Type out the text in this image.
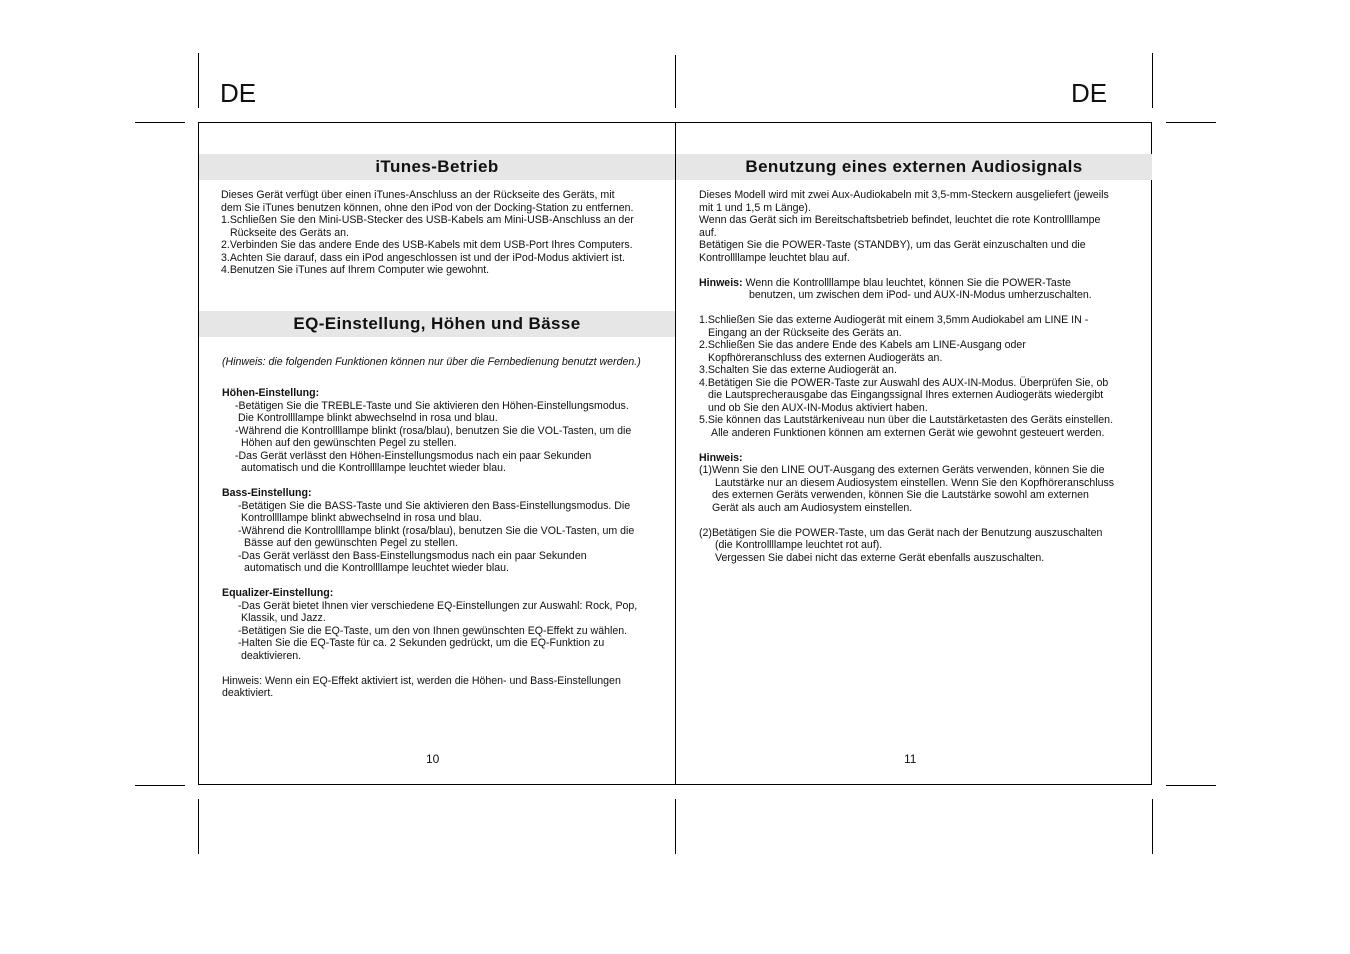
DE	DE
iTunes-Betrieb

Dieses Gerät verfügt über einen iTunes-Anschluss an der Rückseite des Geräts, mit

dem Sie iTunes benutzen können, ohne den iPod von der Docking-Station zu entfernen.

1.Schließen Sie den Mini-USB-Stecker des USB-Kabels am Mini-USB-Anschluss an der

Rückseite des Geräts an.

2.Verbinden Sie das andere Ende des USB-Kabels mit dem USB-Port Ihres Computers.

3.Achten Sie darauf, dass ein iPod angeschlossen ist und der iPod-Modus aktiviert ist.

4.Benutzen Sie iTunes auf Ihrem Computer wie gewohnt.

EQ-Einstellung, Höhen und Bässe

(Hinweis: die folgenden Funktionen können nur über die Fernbedienung benutzt werden.)

Höhen-Einstellung:

-Betätigen Sie die TREBLE-Taste und Sie aktivieren den Höhen-Einstellungsmodus.

Die Kontrollllampe blinkt abwechselnd in rosa und blau.

-Während die Kontrollllampe blinkt (rosa/blau), benutzen Sie die VOL-Tasten, um die

Höhen auf den gewünschten Pegel zu stellen.

-Das Gerät verlässt den Höhen-Einstellungsmodus nach ein paar Sekunden

automatisch und die Kontrollllampe leuchtet wieder blau.

Bass-Einstellung:

-Betätigen Sie die BASS-Taste und Sie aktivieren den Bass-Einstellungsmodus. Die

Kontrollllampe blinkt abwechselnd in rosa und blau.

-Während die Kontrollllampe blinkt (rosa/blau), benutzen Sie die VOL-Tasten, um die

Bässe auf den gewünschten Pegel zu stellen.

-Das Gerät verlässt den Bass-Einstellungsmodus nach ein paar Sekunden

automatisch und die Kontrollllampe leuchtet wieder blau.

Equalizer-Einstellung:

-Das Gerät bietet Ihnen vier verschiedene EQ-Einstellungen zur Auswahl: Rock, Pop,

Klassik, und Jazz.

-Betätigen Sie die EQ-Taste, um den von Ihnen gewünschten EQ-Effekt zu wählen.

-Halten Sie die EQ-Taste für ca. 2 Sekunden gedrückt, um die EQ-Funktion zu

deaktivieren.

Hinweis: Wenn ein EQ-Effekt aktiviert ist, werden die Höhen- und Bass-Einstellungen

deaktiviert.

10
Benutzung eines externen Audiosignals

Dieses Modell wird mit zwei Aux-Audiokabeln mit 3,5-mm-Steckern ausgeliefert (jeweils

mit 1 und 1,5 m Länge).

Wenn das Gerät sich im Bereitschaftsbetrieb befindet, leuchtet die rote Kontrollllampe

auf.

Betätigen Sie die POWER-Taste (STANDBY), um das Gerät einzuschalten und die

Kontrollllampe leuchtet blau auf.

Hinweis: Wenn die Kontrollllampe blau leuchtet, können Sie die POWER-Taste

benutzen, um zwischen dem iPod- und AUX-IN-Modus umherzuschalten.

1.Schließen Sie das externe Audiogerät mit einem 3,5mm Audiokabel am LINE IN -

Eingang an der Rückseite des Geräts an.

2.Schließen Sie das andere Ende des Kabels am LINE-Ausgang oder

Kopfhöreranschluss des externen Audiogeräts an.

3.Schalten Sie das externe Audiogerät an.

4.Betätigen Sie die POWER-Taste zur Auswahl des AUX-IN-Modus. Überprüfen Sie, ob

die Lautsprecherausgabe das Eingangssignal Ihres externen Audiogeräts wiedergibt

und ob Sie den AUX-IN-Modus aktiviert haben.

5.Sie können das Lautstärkeniveau nun über die Lautstärketasten des Geräts einstellen.

Alle anderen Funktionen können am externen Gerät wie gewohnt gesteuert werden.

Hinweis:

(1)Wenn Sie den LINE OUT-Ausgang des externen Geräts verwenden, können Sie die

Lautstärke nur an diesem Audiosystem einstellen. Wenn Sie den Kopfhöreranschluss

des externen Geräts verwenden, können Sie die Lautstärke sowohl am externen

Gerät als auch am Audiosystem einstellen.

(2)Betätigen Sie die POWER-Taste, um das Gerät nach der Benutzung auszuschalten

(die Kontrollllampe leuchtet rot auf).

Vergessen Sie dabei nicht das externe Gerät ebenfalls auszuschalten.

11
